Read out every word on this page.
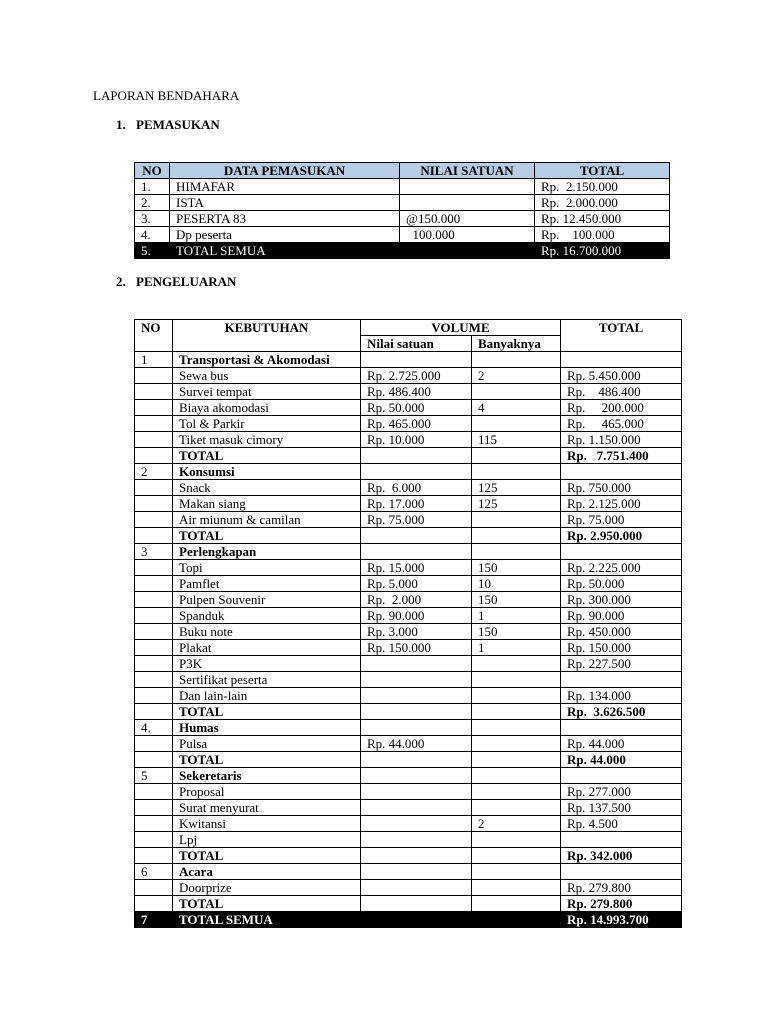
LAPORAN BENDAHARA
1. PEMASUKAN
NO	DATA PEMASUKAN	NILAI SATUAN	TOTAL
1.	HIMAFAR		Rp.  2.150.000
2.	ISTA		Rp.  2.000.000
3.	PESERTA 83	@150.000	Rp. 12.450.000
4.	Dp peserta	100.000	Rp.    100.000
5.	TOTAL SEMUA		Rp. 16.700.000
2. PENGELUARAN
NO	KEBUTUHAN	VOLUME		TOTAL
		Nilai satuan	Banyaknya	
1	Transportasi & Akomodasi			
	Sewa bus	Rp. 2.725.000	2	Rp. 5.450.000
	Survei tempat	Rp. 486.400		Rp.    486.400
	Biaya akomodasi	Rp. 50.000	4	Rp.     200.000
	Tol & Parkir	Rp. 465.000		Rp.     465.000
	Tiket masuk cimory	Rp. 10.000	115	Rp. 1.150.000
	TOTAL			Rp.   7.751.400
2	Konsumsi			
	Snack	Rp.  6.000	125	Rp. 750.000
	Makan siang	Rp. 17.000	125	Rp. 2.125.000
	Air miunum & camilan	Rp. 75.000		Rp. 75.000
	TOTAL			Rp. 2.950.000
3	Perlengkapan			
	Topi	Rp. 15.000	150	Rp. 2.225.000
	Pamflet	Rp. 5.000	10	Rp. 50.000
	Pulpen Souvenir	Rp.  2.000	150	Rp. 300.000
	Spanduk	Rp. 90.000	1	Rp. 90.000
	Buku note	Rp. 3.000	150	Rp. 450.000
	Plakat	Rp. 150.000	1	Rp. 150.000
	P3K			Rp. 227.500
	Sertifikat peserta			
	Dan lain-lain			Rp. 134.000
	TOTAL			Rp.  3.626.500
4.	Humas			
	Pulsa	Rp. 44.000		Rp. 44.000
	TOTAL			Rp. 44.000
5	Sekeretaris			
	Proposal			Rp. 277.000
	Surat menyurat			Rp. 137.500
	Kwitansi		2	Rp. 4.500
	Lpj			
	TOTAL			Rp. 342.000
6	Acara			
	Doorprize			Rp. 279.800
	TOTAL			Rp. 279.800
7	TOTAL SEMUA			Rp. 14.993.700
